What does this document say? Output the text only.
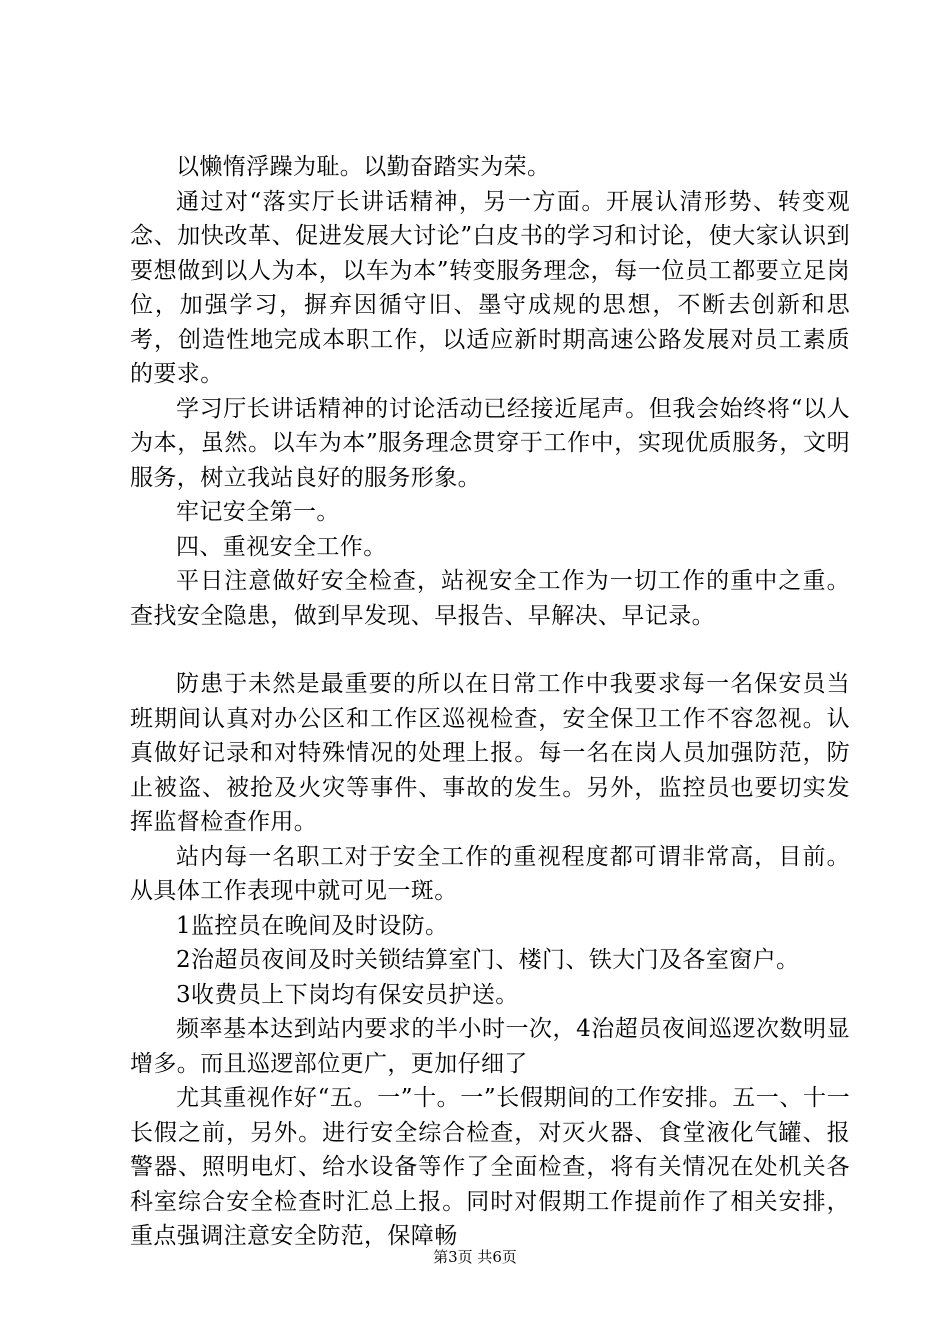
以懒惰浮躁为耻。以勤奋踏实为荣。

通过对“落实厅长讲话精神，另一方面。开展认清形势、转变观念、加快改革、促进发展大讨论”白皮书的学习和讨论，使大家认识到要想做到以人为本，以车为本”转变服务理念，每一位员工都要立足岗位，加强学习，摒弃因循守旧、墨守成规的思想，不断去创新和思考，创造性地完成本职工作，以适应新时期高速公路发展对员工素质的要求。

学习厅长讲话精神的讨论活动已经接近尾声。但我会始终将“以人为本，虽然。以车为本”服务理念贯穿于工作中，实现优质服务，文明服务，树立我站良好的服务形象。

牢记安全第一。

四、重视安全工作。

平日注意做好安全检查，站视安全工作为一切工作的重中之重。查找安全隐患，做到早发现、早报告、早解决、早记录。

防患于未然是最重要的所以在日常工作中我要求每一名保安员当班期间认真对办公区和工作区巡视检查，安全保卫工作不容忽视。认真做好记录和对特殊情况的处理上报。每一名在岗人员加强防范，防止被盗、被抢及火灾等事件、事故的发生。另外，监控员也要切实发挥监督检查作用。

站内每一名职工对于安全工作的重视程度都可谓非常高，目前。从具体工作表现中就可见一斑。

1监控员在晚间及时设防。

2治超员夜间及时关锁结算室门、楼门、铁大门及各室窗户。

3收费员上下岗均有保安员护送。

频率基本达到站内要求的半小时一次，4治超员夜间巡逻次数明显增多。而且巡逻部位更广，更加仔细了

尤其重视作好“五。一”十。一”长假期间的工作安排。五一、十一长假之前，另外。进行安全综合检查，对灭火器、食堂液化气罐、报警器、照明电灯、给水设备等作了全面检查，将有关情况在处机关各科室综合安全检查时汇总上报。同时对假期工作提前作了相关安排，重点强调注意安全防范，保障畅

第3页 共6页
